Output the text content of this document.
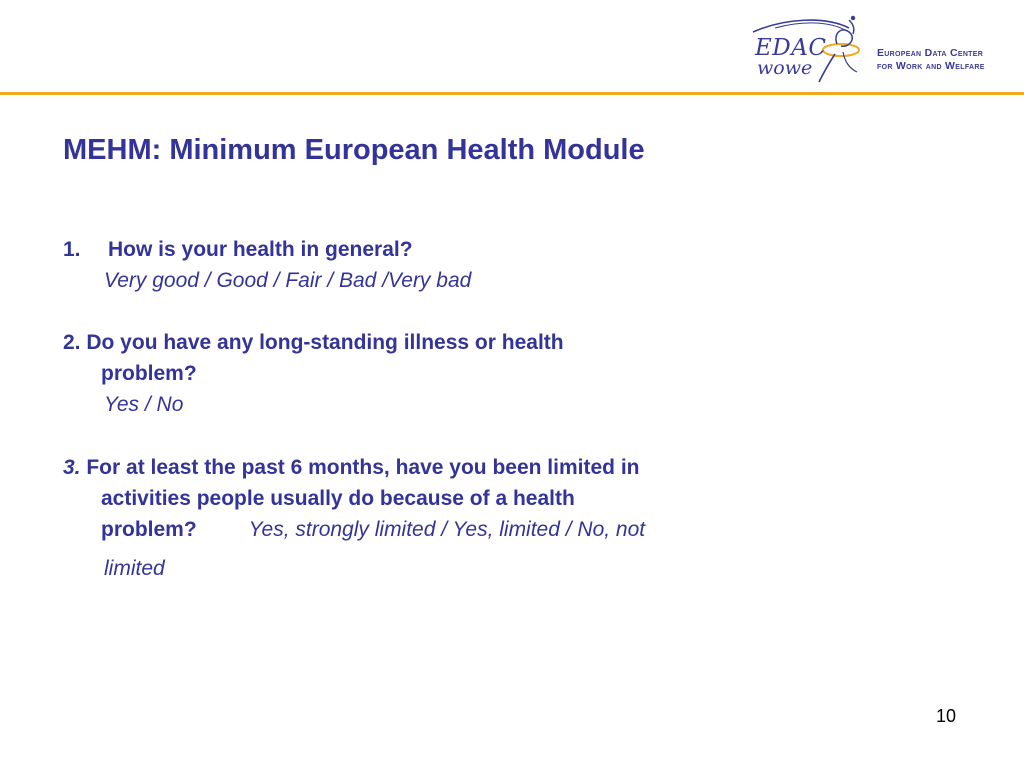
EDAC
wowe
European Data Center
for Work and Welfare
MEHM: Minimum European Health Module
1.	How is your health in general?
Very good / Good / Fair / Bad /Very bad
2. Do you have any long-standing illness or health
problem?
Yes / No
3. For at least the past 6 months, have you been limited in
activities people usually do because of a health
problem? Yes, strongly limited / Yes, limited / No, not
limited
10
